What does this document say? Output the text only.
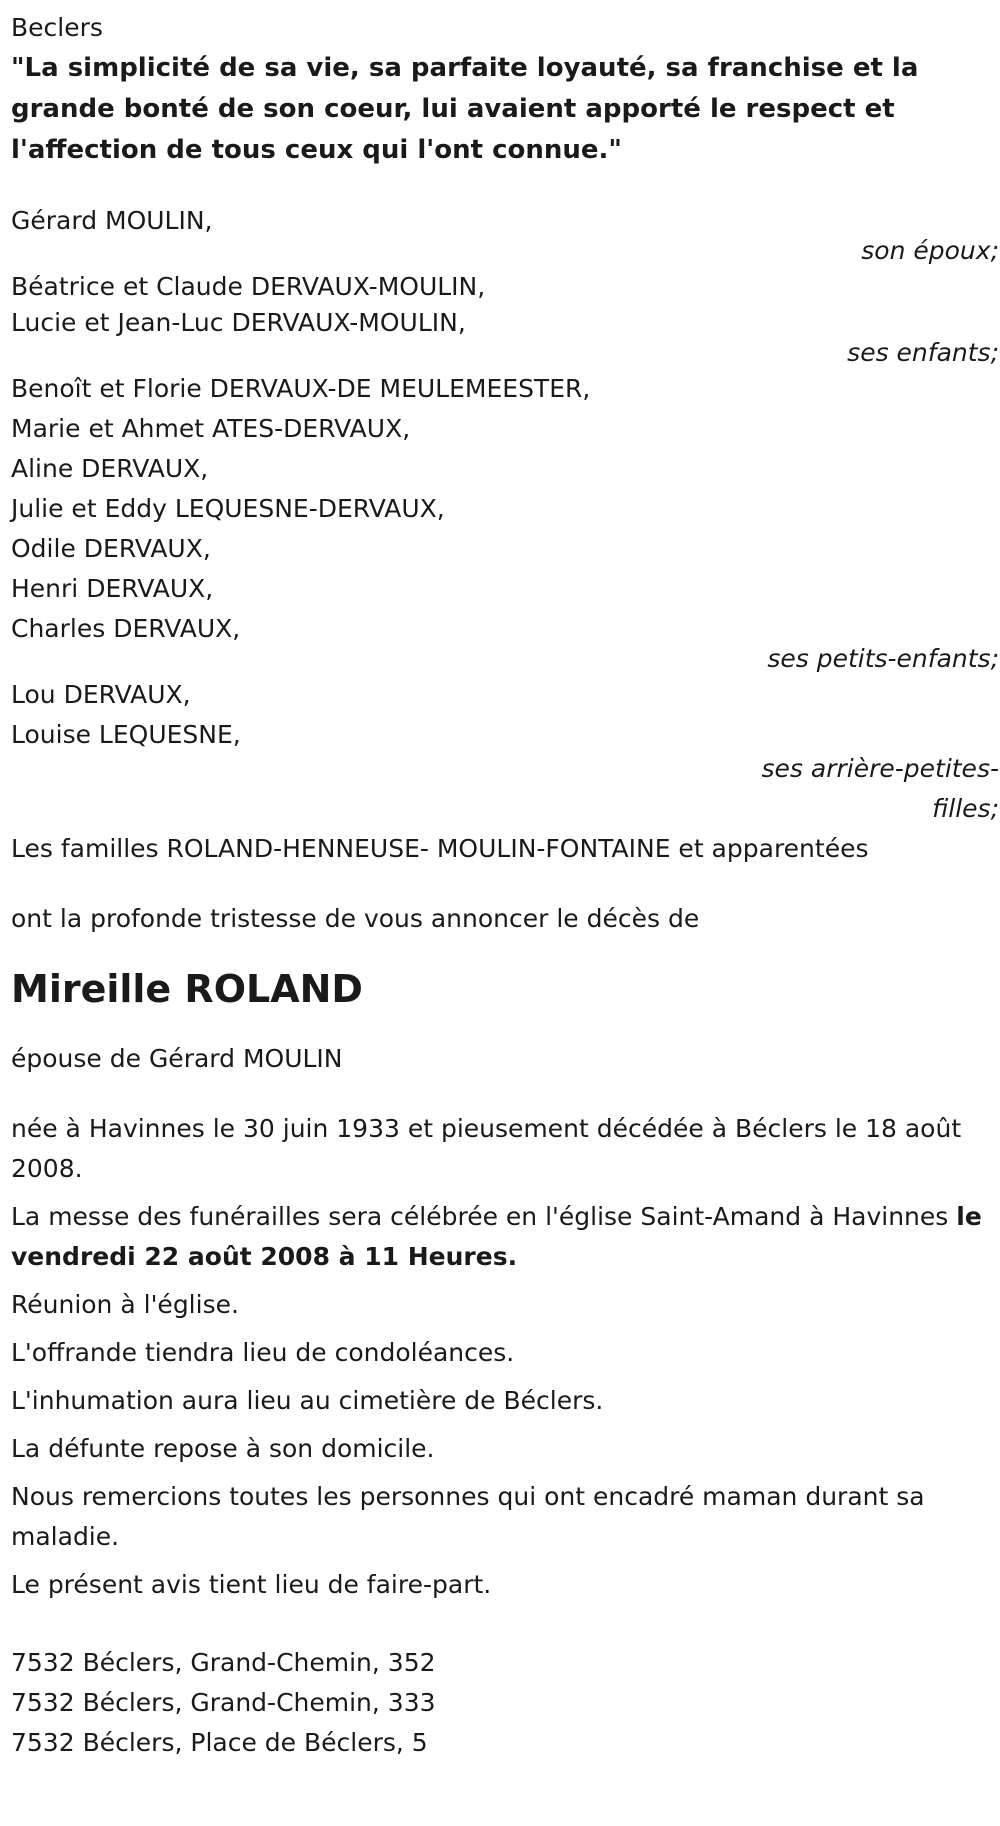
Beclers

"La simplicité de sa vie, sa parfaite loyauté, sa franchise et la grande bonté de son coeur, lui avaient apporté le respect et l'affection de tous ceux qui l'ont connue."

Gérard MOULIN,
son époux;
Béatrice et Claude DERVAUX-MOULIN,
Lucie et Jean-Luc DERVAUX-MOULIN,
ses enfants;
Benoît et Florie DERVAUX-DE MEULEMEESTER,
Marie et Ahmet ATES-DERVAUX,
Aline DERVAUX,
Julie et Eddy LEQUESNE-DERVAUX,
Odile DERVAUX,
Henri DERVAUX,
Charles DERVAUX,
ses petits-enfants;
Lou DERVAUX,
Louise LEQUESNE,
ses arrière-petites-filles;

Les familles ROLAND-HENNEUSE- MOULIN-FONTAINE et apparentées

ont la profonde tristesse de vous annoncer le décès de

Mireille ROLAND

épouse de Gérard MOULIN

née à Havinnes le 30 juin 1933 et pieusement décédée à Béclers le 18 août 2008.

La messe des funérailles sera célébrée en l'église Saint-Amand à Havinnes le vendredi 22 août 2008 à 11 Heures.

Réunion à l'église.

L'offrande tiendra lieu de condoléances.

L'inhumation aura lieu au cimetière de Béclers.

La défunte repose à son domicile.

Nous remercions toutes les personnes qui ont encadré maman durant sa maladie.

Le présent avis tient lieu de faire-part.

7532 Béclers, Grand-Chemin, 352

7532 Béclers, Grand-Chemin, 333

7532 Béclers, Place de Béclers, 5
